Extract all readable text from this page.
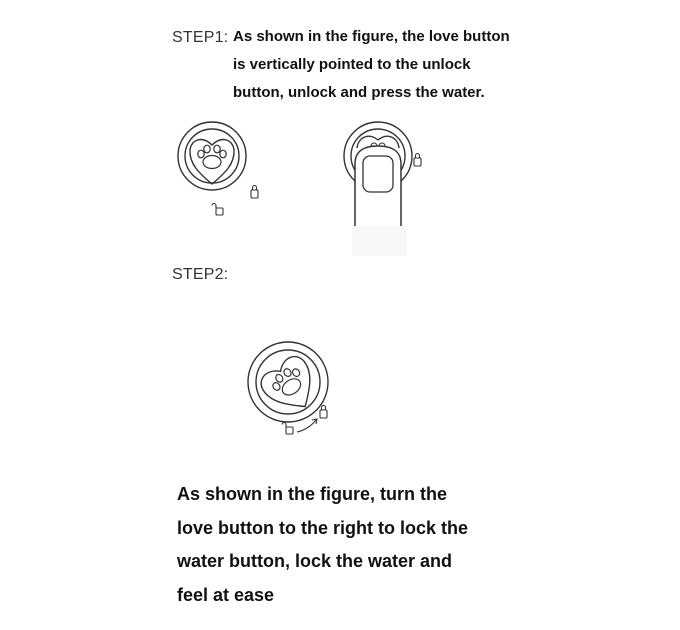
STEP1: As shown in the figure, the love button
is vertically pointed to the unlock
button, unlock and press the water.
STEP2:
As shown in the figure, turn the
love button to the right to lock the
water button, lock the water and
feel at ease
